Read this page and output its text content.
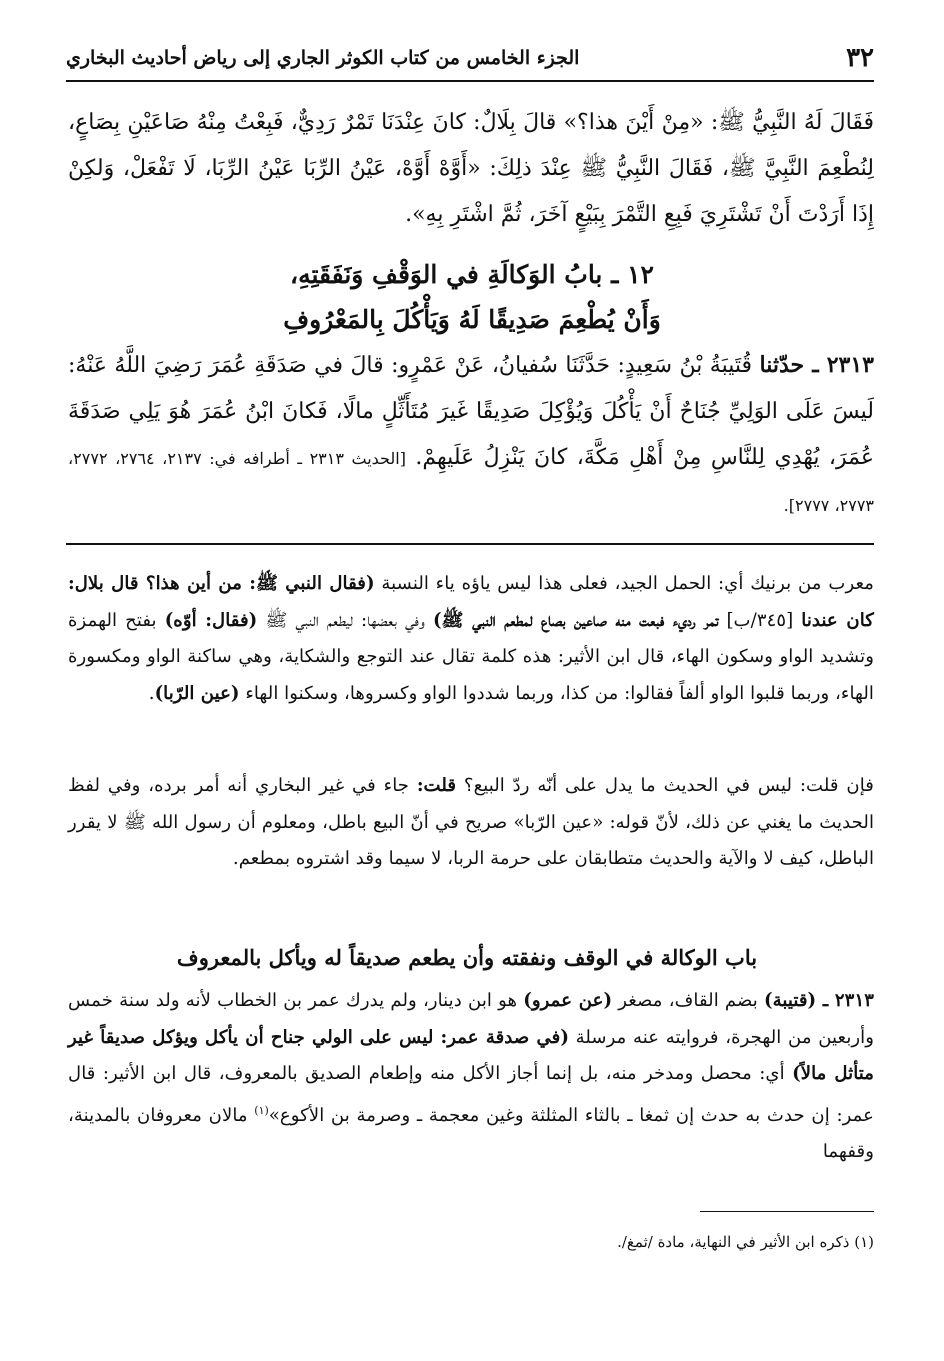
٣٢
الجزء الخامس من كتاب الكوثر الجاري إلى رياض أحاديث البخاري
فَقَالَ لَهُ النَّبِيُّ ﷺ: «مِنْ أَيْنَ هذا؟» قالَ بِلَالٌ: كانَ عِنْدَنَا تَمْرٌ رَدِيٌّ، فَبِعْتُ مِنْهُ صَاعَيْنِ بِصَاعٍ، لِنُطْعِمَ النَّبِيَّ ﷺ، فَقَالَ النَّبِيُّ ﷺ عِنْدَ ذلِكَ: «أَوَّهْ أَوَّهْ، عَيْنُ الرِّبَا عَيْنُ الرِّبَا، لَا تَفْعَلْ، وَلكِنْ إِذَا أَرَدْتَ أَنْ تَشْتَرِيَ فَبِعِ التَّمْرَ بِبَيْعٍ آخَرَ، ثُمَّ اشْتَرِ بِهِ».
١٢ ـ بابُ الوَكالَةِ في الوَقْفِ وَنَفَقَتِهِ،
وَأَنْ يُطْعِمَ صَدِيقًا لَهُ وَيَأْكُلَ بِالمَعْرُوفِ
٢٣١٣ ـ حدّثنا قُتَيبَةُ بْنُ سَعِيدٍ: حَدَّثَنَا سُفيانُ، عَنْ عَمْرٍو: قالَ في صَدَقَةِ عُمَرَ رَضِيَ اللَّهُ عَنْهُ: لَيسَ عَلَى الوَلِيِّ جُنَاحٌ أَنْ يَأْكُلَ وَيُؤْكِلَ صَدِيقًا غَيرَ مُتَأَثِّلٍ مالًا، فَكانَ ابْنُ عُمَرَ هُوَ يَلِي صَدَقَةَ عُمَرَ، يُهْدِي لِلنَّاسِ مِنْ أَهْلِ مَكَّةَ، كانَ يَنْزِلُ عَلَيهِمْ. [الحديث ٢٣١٣ ـ أطرافه في: ٢١٣٧، ٢٧٦٤، ٢٧٧٢، ٢٧٧٣، ٢٧٧٧].
معرب من برنيك أي: الحمل الجيد، فعلى هذا ليس ياؤه ياء النسبة (فقال النبي ﷺ: من أين هذا؟ قال بلال: كان عندنا [٣٤٥/ب] تمر رديء فبعت منه صاعين بصاع لمطعم النبي ﷺ) وفي بعضها: ليطعم النبي ﷺ (فقال: أوّه) بفتح الهمزة وتشديد الواو وسكون الهاء، قال ابن الأثير: هذه كلمة تقال عند التوجع والشكاية، وهي ساكنة الواو ومكسورة الهاء، وربما قلبوا الواو ألفاً فقالوا: من كذا، وربما شددوا الواو وكسروها، وسكنوا الهاء (عين الرّبا).
فإن قلت: ليس في الحديث ما يدل على أنّه ردّ البيع؟ قلت: جاء في غير البخاري أنه أمر برده، وفي لفظ الحديث ما يغني عن ذلك، لأنّ قوله: «عين الرّبا» صريح في أنّ البيع باطل، ومعلوم أن رسول الله ﷺ لا يقرر الباطل، كيف لا والآية والحديث متطابقان على حرمة الربا، لا سيما وقد اشتروه بمطعم.
باب الوكالة في الوقف ونفقته وأن يطعم صديقاً له ويأكل بالمعروف
٢٣١٣ ـ (قتيبة) بضم القاف، مصغر (عن عمرو) هو ابن دينار، ولم يدرك عمر بن الخطاب لأنه ولد سنة خمس وأربعين من الهجرة، فروايته عنه مرسلة (في صدقة عمر: ليس على الولي جناح أن يأكل ويؤكل صديقاً غير متأثل مالاً) أي: محصل ومدخر منه، بل إنما أجاز الأكل منه وإطعام الصديق بالمعروف، قال ابن الأثير: قال عمر: إن حدث به حدث إن ثمغا ـ بالثاء المثلثة وغين معجمة ـ وصرمة بن الأكوع»$^{(١)}$ مالان معروفان بالمدينة، وقفهما
(١) ذكره ابن الأثير في النهاية، مادة /ثمغ/.
